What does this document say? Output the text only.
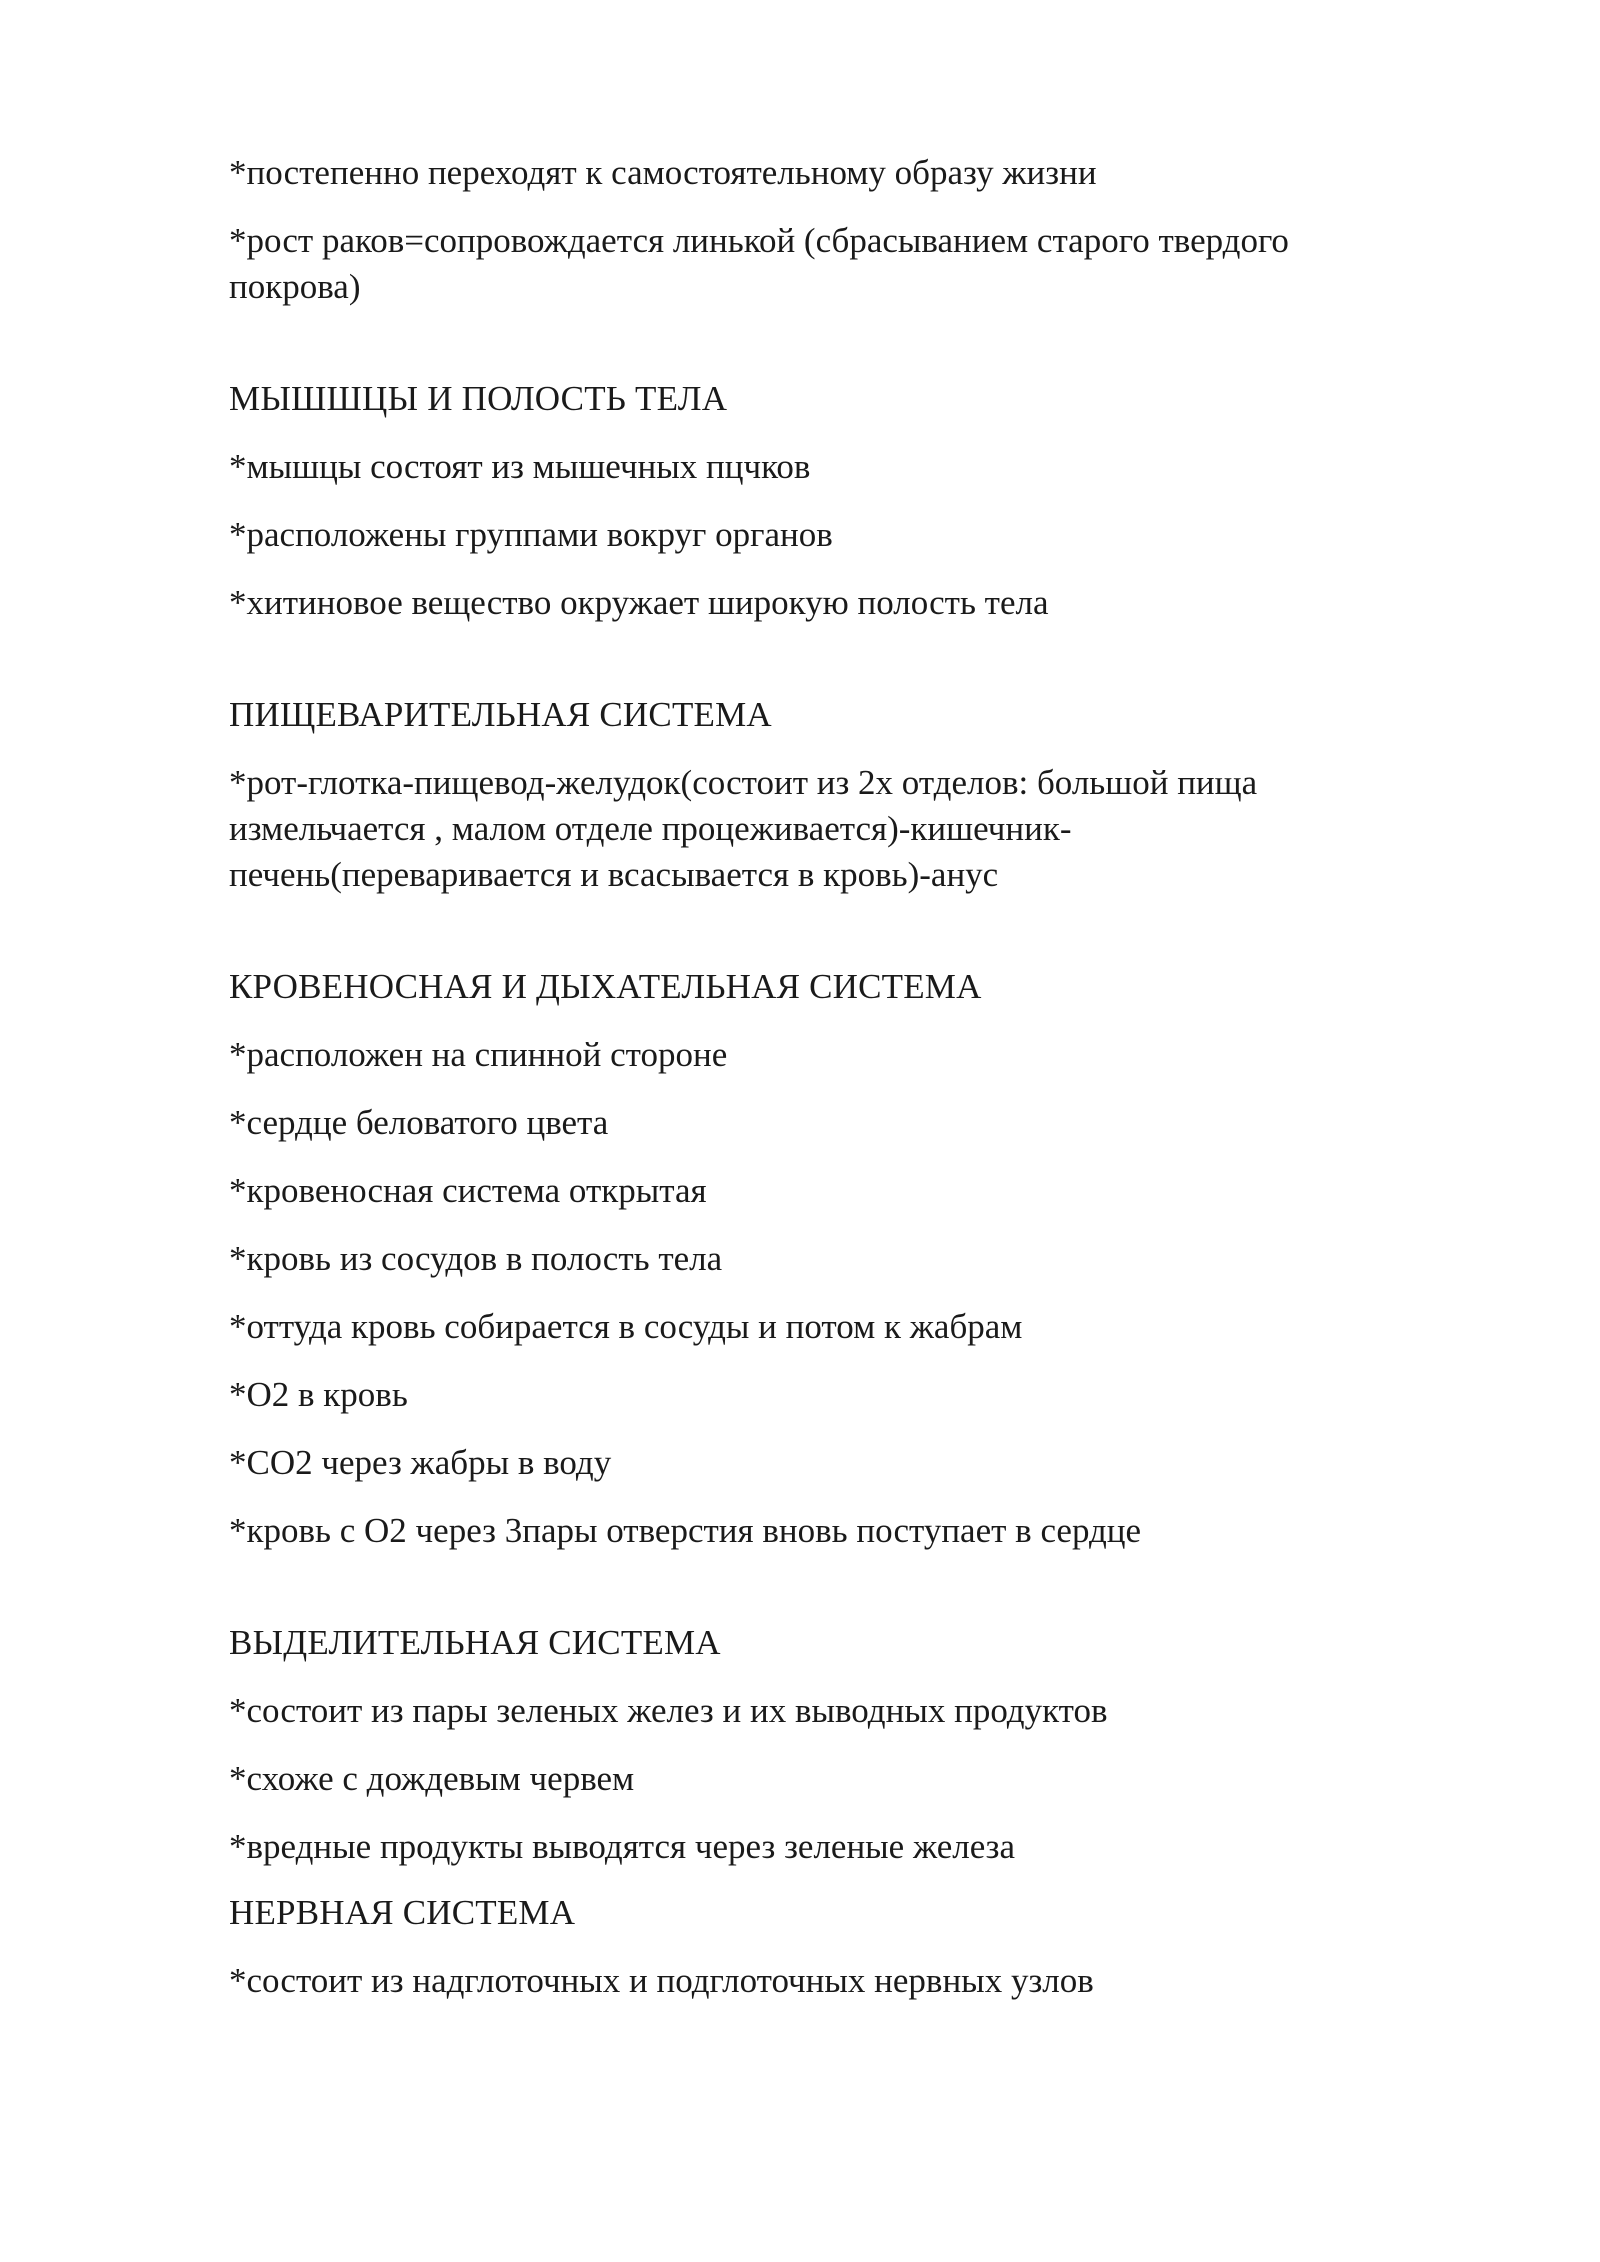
*постепенно переходят к самостоятельному образу жизни

*рост раков=сопровождается линькой (сбрасыванием старого твердого покрова)

МЫШШЦЫ И ПОЛОСТЬ ТЕЛА

*мышцы состоят из мышечных пцчков

*расположены группами вокруг органов

*хитиновое вещество окружает широкую полость тела

ПИЩЕВАРИТЕЛЬНАЯ СИСТЕМА

*рот-глотка-пищевод-желудок(состоит из 2х отделов: большой пища измельчается , малом отделе процеживается)-кишечник-печень(переваривается и всасывается в кровь)-анус

КРОВЕНОСНАЯ И ДЫХАТЕЛЬНАЯ СИСТЕМА

*расположен на спинной стороне

*сердце беловатого цвета

*кровеносная система открытая

*кровь из сосудов в полость тела

*оттуда кровь собирается в сосуды и потом к жабрам

*О2 в кровь

*СО2 через жабры в воду

*кровь с О2 через 3пары отверстия вновь поступает в сердце

ВЫДЕЛИТЕЛЬНАЯ СИСТЕМА

*состоит из пары зеленых желез и их выводных продуктов

*схоже с дождевым червем

*вредные продукты выводятся через зеленые железа

НЕРВНАЯ СИСТЕМА

*состоит из надглоточных и подглоточных нервных узлов
